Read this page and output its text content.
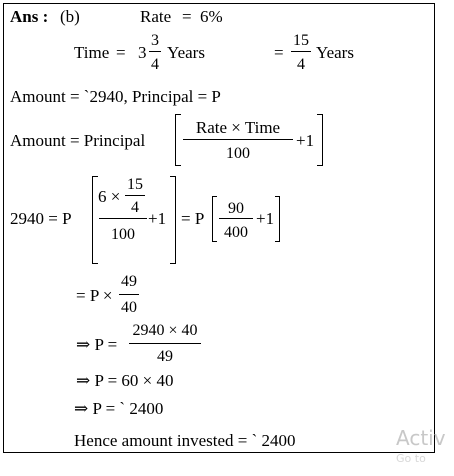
Ans : (b)	Rate = 6%
Time = 3
3
4
Years	=
15
4
Years
Amount = `2940, Principal = P
Amount = Principal
Rate × Time
100
+1
2940 = P
6 ×
15
4
100
+1 = P
90
400
+1
= P ×
49
40
⇒ P =
2940 × 40
49
⇒ P = 60 × 40
⇒ P = ` 2400
Hence amount invested = ` 2400	Activ
Go to
